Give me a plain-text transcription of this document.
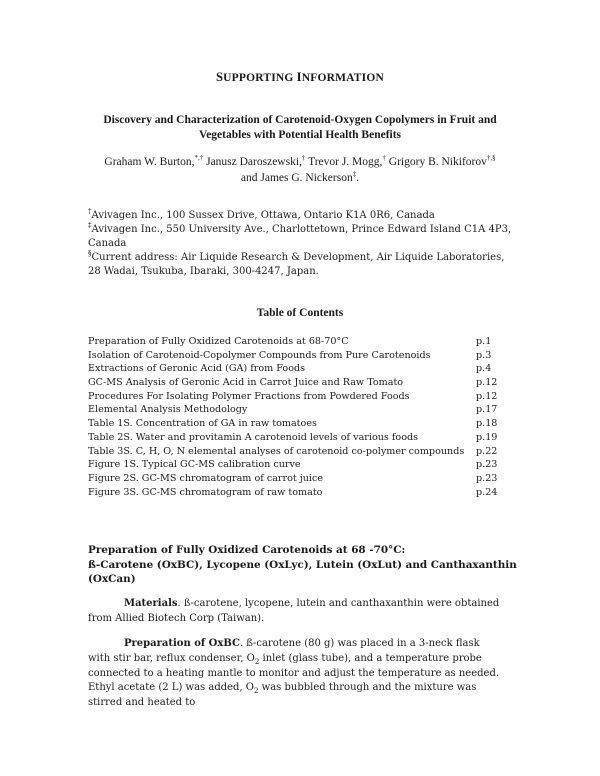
SUPPORTING INFORMATION
Discovery and Characterization of Carotenoid-Oxygen Copolymers in Fruit and Vegetables with Potential Health Benefits
Graham W. Burton,*,† Janusz Daroszewski,† Trevor J. Mogg,† Grigory B. Nikiforov†,§
and James G. Nickerson‡.
†Avivagen Inc., 100 Sussex Drive, Ottawa, Ontario K1A 0R6, Canada
‡Avivagen Inc., 550 University Ave., Charlottetown, Prince Edward Island C1A 4P3, Canada
§Current address: Air Liquide Research & Development, Air Liquide Laboratories, 28 Wadai, Tsukuba, Ibaraki, 300-4247, Japan.
Table of Contents
Preparation of Fully Oxidized Carotenoids at 68-70°C	p.1
Isolation of Carotenoid-Copolymer Compounds from Pure Carotenoids	p.3
Extractions of Geronic Acid (GA) from Foods	p.4
GC-MS Analysis of Geronic Acid in Carrot Juice and Raw Tomato	p.12
Procedures For Isolating Polymer Fractions from Powdered Foods	p.12
Elemental Analysis Methodology	p.17
Table 1S. Concentration of GA in raw tomatoes	p.18
Table 2S. Water and provitamin A carotenoid levels of various foods	p.19
Table 3S. C, H, O, N elemental analyses of carotenoid co-polymer compounds p.22
Figure 1S. Typical GC-MS calibration curve	p.23
Figure 2S. GC-MS chromatogram of carrot juice	p.23
Figure 3S. GC-MS chromatogram of raw tomato	p.24
Preparation of Fully Oxidized Carotenoids at 68 -70°C:
ß-Carotene (OxBC), Lycopene (OxLyc), Lutein (OxLut) and Canthaxanthin (OxCan)
Materials. ß-carotene, lycopene, lutein and canthaxanthin were obtained from Allied Biotech Corp (Taiwan).
Preparation of OxBC. ß-carotene (80 g) was placed in a 3-neck flask with stir bar, reflux condenser, $O_2$ inlet (glass tube), and a temperature probe connected to a heating mantle to monitor and adjust the temperature as needed. Ethyl acetate (2 L) was added, $O_2$ was bubbled through and the mixture was stirred and heated to
